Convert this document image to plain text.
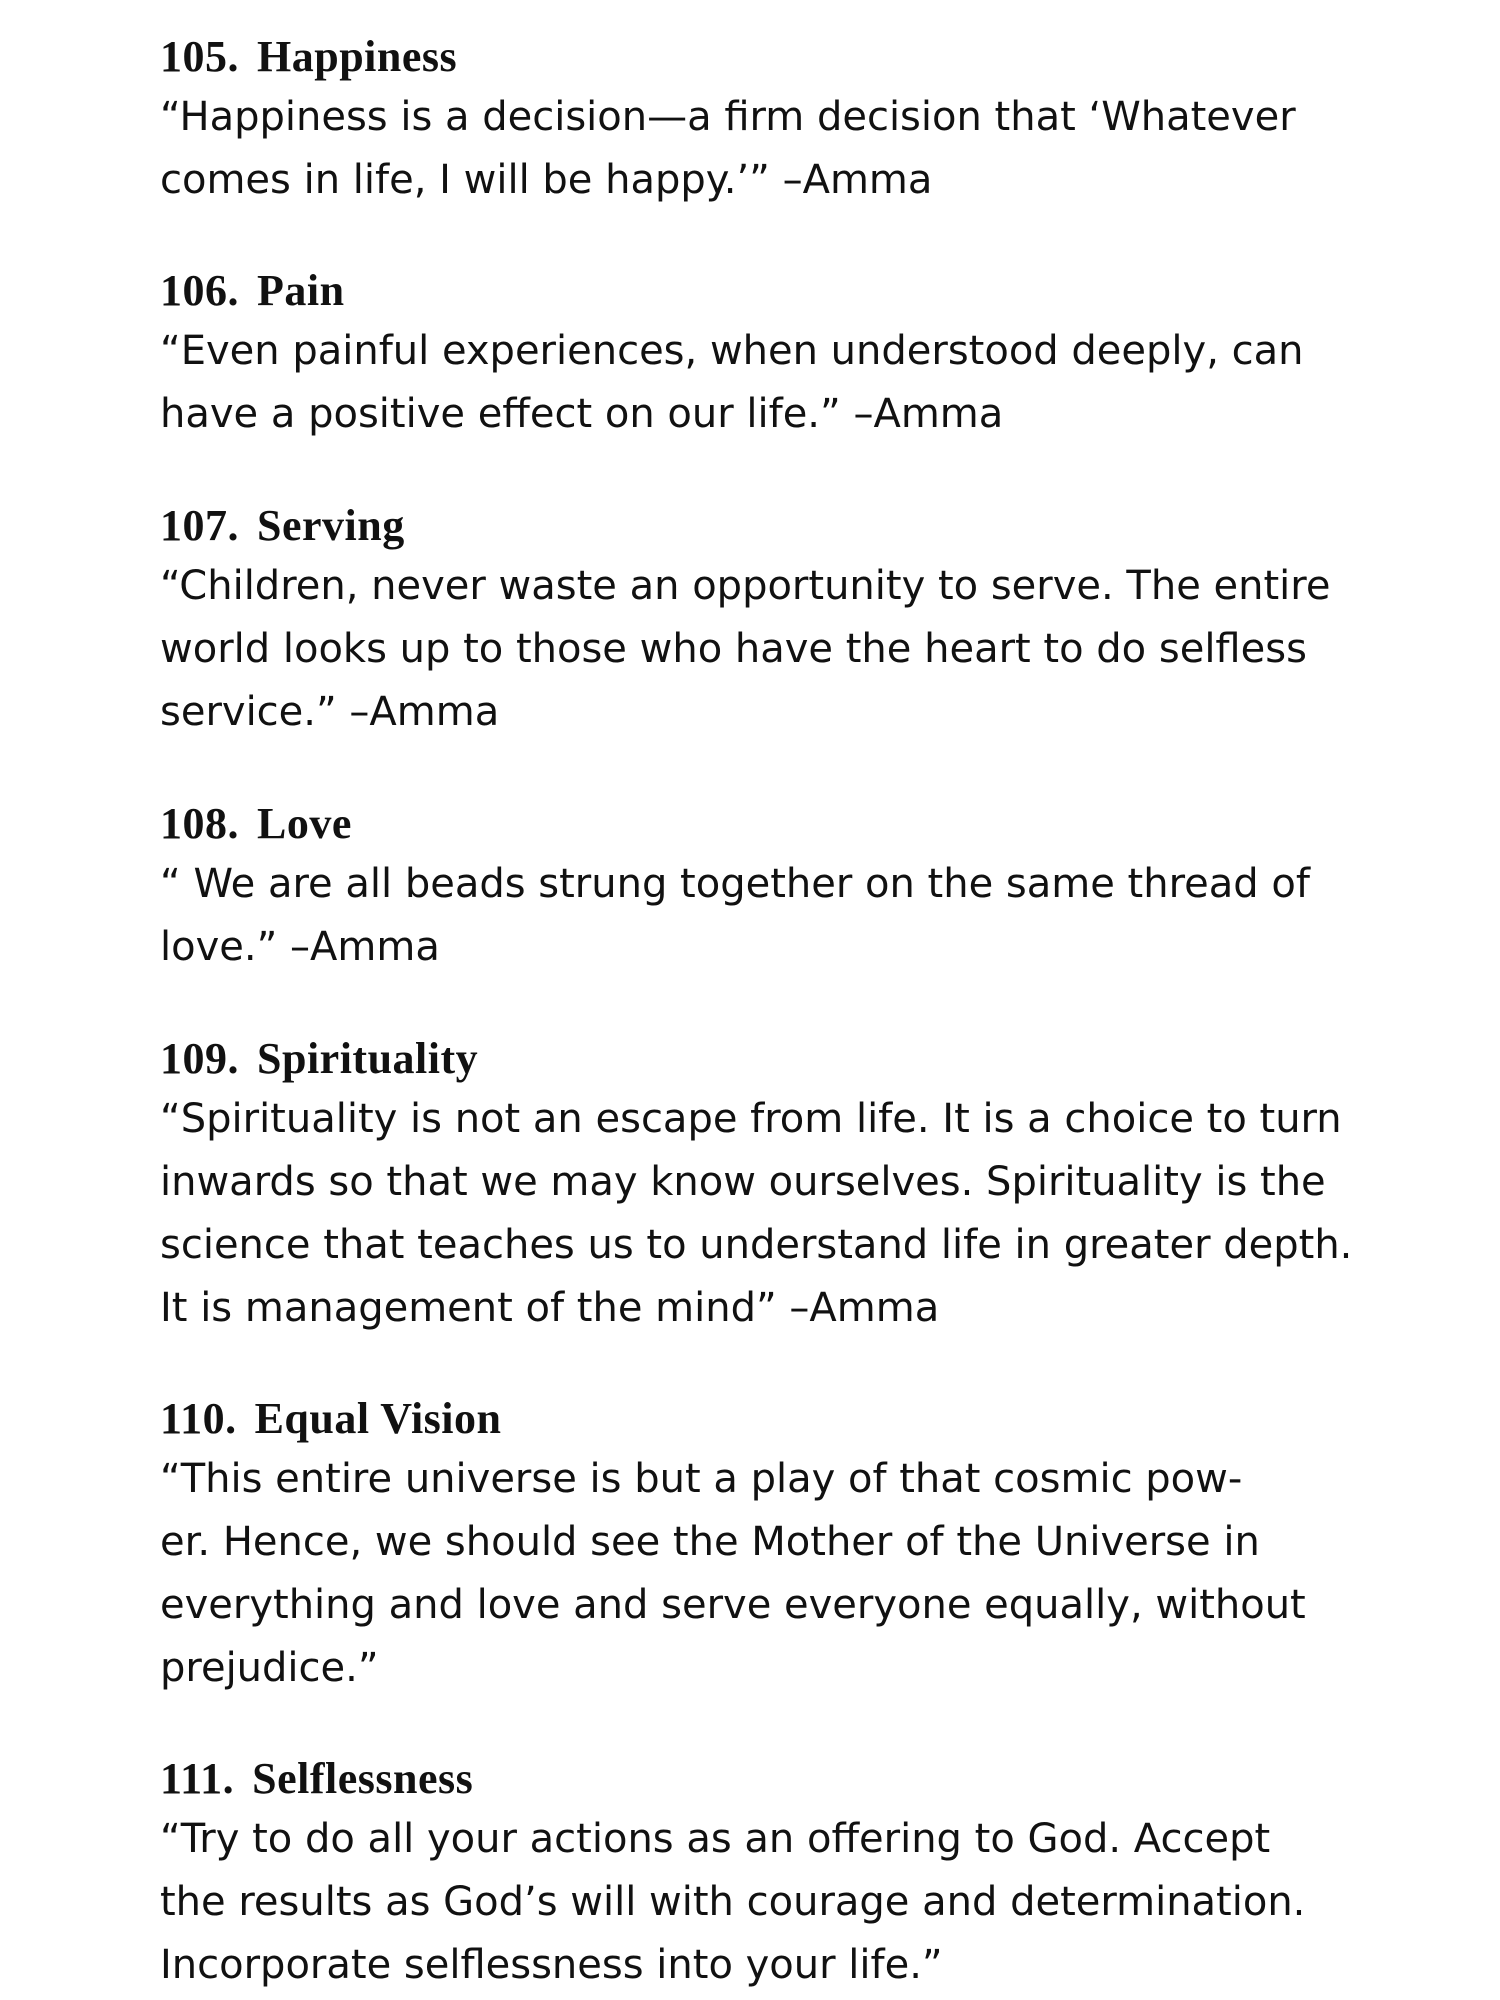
105. Happiness

“Happiness is a decision—a firm decision that ‘Whatever
comes in life, I will be happy.’” –Amma

106. Pain

“Even painful experiences, when understood deeply, can
have a positive effect on our life.” –Amma

107. Serving

“Children, never waste an opportunity to serve. The entire
world looks up to those who have the heart to do selfless
service.” –Amma

108. Love

“ We are all beads strung together on the same thread of
love.” –Amma

109. Spirituality

“Spirituality is not an escape from life. It is a choice to turn
inwards so that we may know ourselves. Spirituality is the
science that teaches us to understand life in greater depth.
It is management of the mind” –Amma

110. Equal Vision

“This entire universe is but a play of that cosmic pow-
er. Hence, we should see the Mother of the Universe in
everything and love and serve everyone equally, without
prejudice.”

111. Selflessness

“Try to do all your actions as an offering to God. Accept
the results as God’s will with courage and determination.
Incorporate selflessness into your life.”
